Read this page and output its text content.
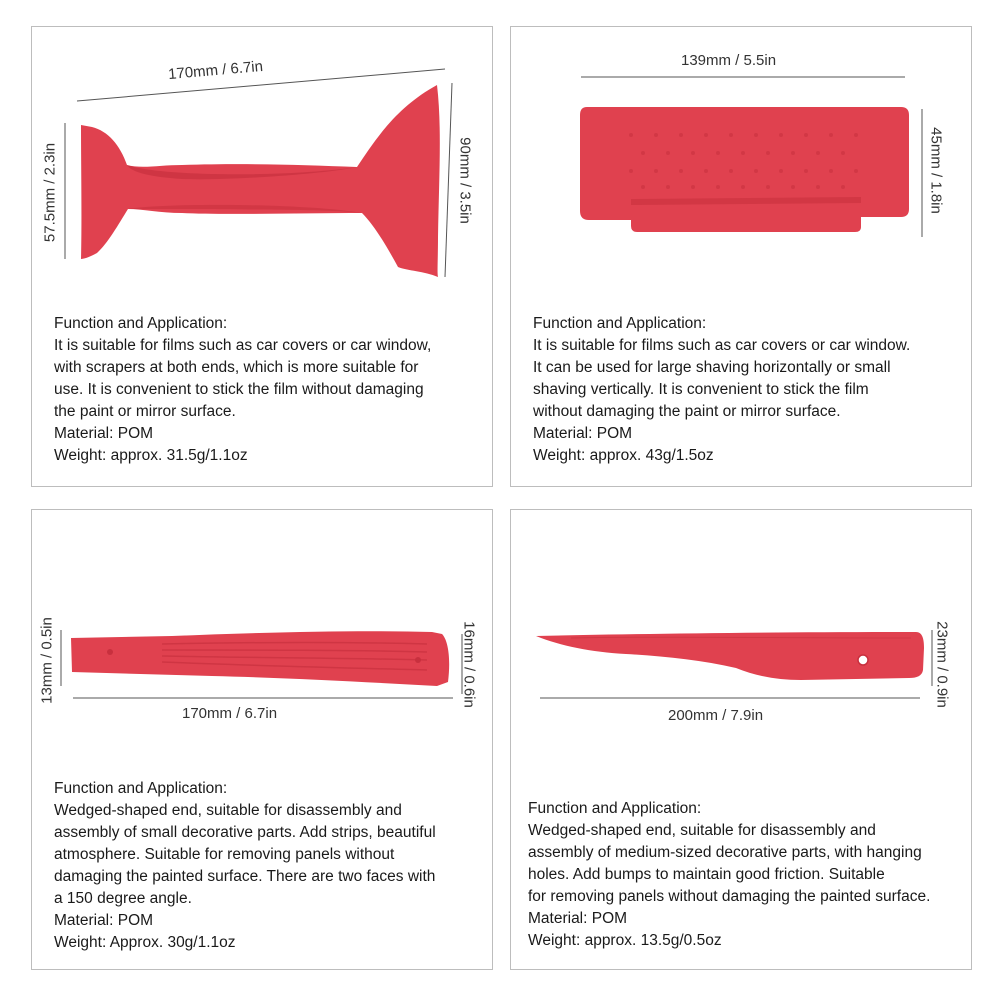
170mm / 6.7in
57.5mm / 2.3in	90mm / 3.5in
Function and Application:
It is suitable for films such as car covers or car window,
with scrapers at both ends, which is more suitable for
use. It is convenient to stick the film without damaging
the paint or mirror surface.
Material: POM
Weight: approx. 31.5g/1.1oz
139mm / 5.5in
45mm / 1.8in
Function and Application:
It is suitable for films such as car covers or car window.
It can be used for large shaving horizontally or small
shaving vertically. It is convenient to stick the film
without damaging the paint or mirror surface.
Material: POM
Weight: approx. 43g/1.5oz
170mm / 6.7in
13mm / 0.5in	16mm / 0.6in
Function and Application:
Wedged-shaped end, suitable for disassembly and
assembly of small decorative parts. Add strips, beautiful
atmosphere. Suitable for removing panels without
damaging the painted surface. There are two faces with
a 150 degree angle.
Material: POM
Weight: Approx. 30g/1.1oz
200mm / 7.9in
23mm / 0.9in
Function and Application:
Wedged-shaped end, suitable for disassembly and
assembly of medium-sized decorative parts, with hanging
holes. Add bumps to maintain good friction. Suitable
for removing panels without damaging the painted surface.
Material: POM
Weight: approx. 13.5g/0.5oz
